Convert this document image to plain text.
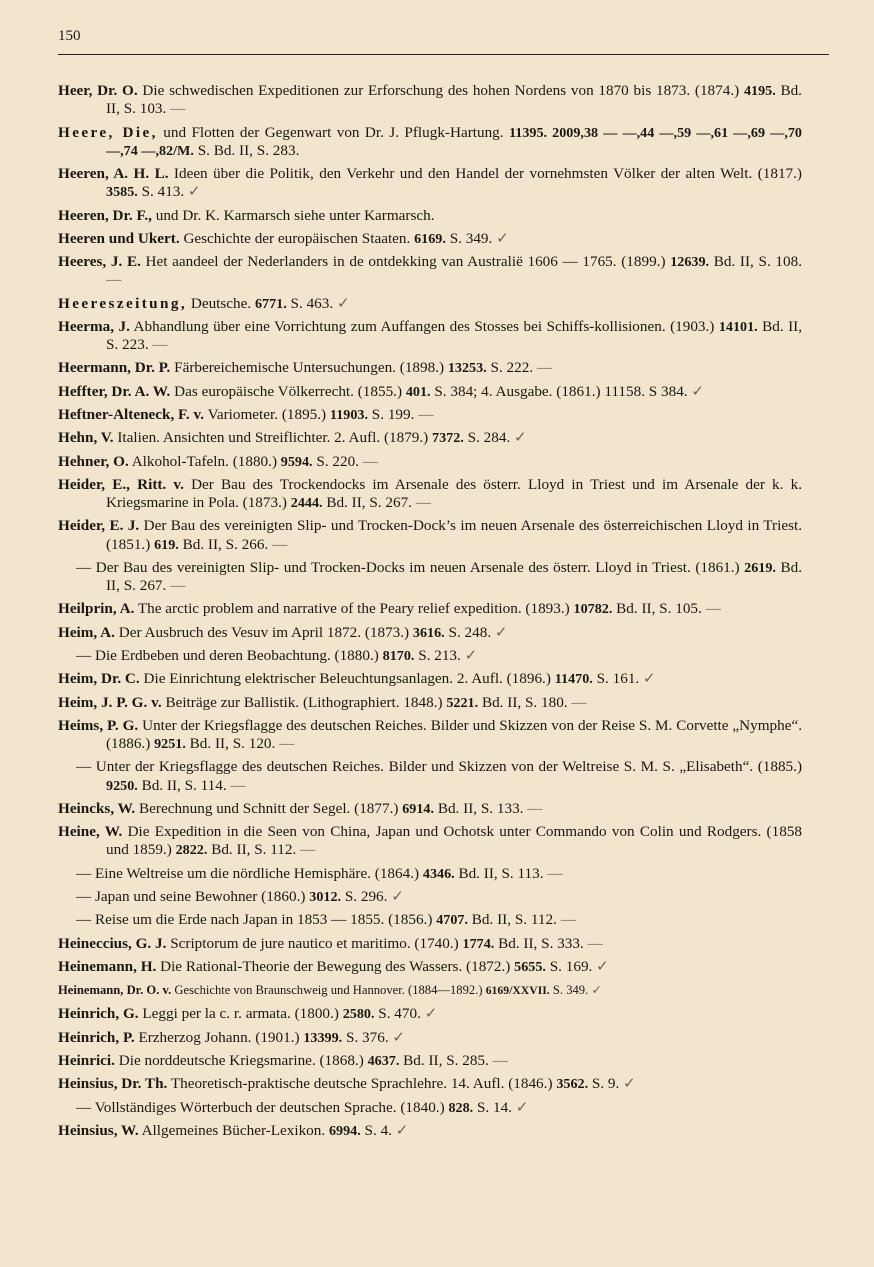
150
Heer, Dr. O. Die schwedischen Expeditionen zur Erforschung des hohen Nordens von 1870 bis 1873. (1874.) 4195. Bd. II, S. 103. —
Heere, Die, und Flotten der Gegenwart von Dr. J. Pflugk-Hartung. 11395. 2009,38 — —,44 —,59 —,61 —,69 —,70 —,74 —,82/M. S. Bd. II, S. 283.
Heeren, A. H. L. Ideen über die Politik, den Verkehr und den Handel der vornehmsten Völker der alten Welt. (1817.) 3585. S. 413. ✓
Heeren, Dr. F., und Dr. K. Karmarsch siehe unter Karmarsch.
Heeren und Ukert. Geschichte der europäischen Staaten. 6169. S. 349. ✓
Heeres, J. E. Het aandeel der Nederlanders in de ontdekking van Australië 1606 — 1765. (1899.) 12639. Bd. II, S. 108. —
Heereszeitung, Deutsche. 6771. S. 463. ✓
Heerma, J. Abhandlung über eine Vorrichtung zum Auffangen des Stosses bei Schiffs-kollisionen. (1903.) 14101. Bd. II, S. 223. —
Heermann, Dr. P. Färbereichemische Untersuchungen. (1898.) 13253. S. 222. —
Heffter, Dr. A. W. Das europäische Völkerrecht. (1855.) 401. S. 384; 4. Ausgabe. (1861.) 11158. S 384. ✓
Heftner-Alteneck, F. v. Variometer. (1895.) 11903. S. 199. —
Hehn, V. Italien. Ansichten und Streiflichter. 2. Aufl. (1879.) 7372. S. 284. ✓
Hehner, O. Alkohol-Tafeln. (1880.) 9594. S. 220. —
Heider, E., Ritt. v. Der Bau des Trockendocks im Arsenale des österr. Lloyd in Triest und im Arsenale der k. k. Kriegsmarine in Pola. (1873.) 2444. Bd. II, S. 267. —
Heider, E. J. Der Bau des vereinigten Slip- und Trocken-Dock’s im neuen Arsenale des österreichischen Lloyd in Triest. (1851.) 619. Bd. II, S. 266. —
— Der Bau des vereinigten Slip- und Trocken-Docks im neuen Arsenale des österr. Lloyd in Triest. (1861.) 2619. Bd. II, S. 267. —
Heilprin, A. The arctic problem and narrative of the Peary relief expedition. (1893.) 10782. Bd. II, S. 105. —
Heim, A. Der Ausbruch des Vesuv im April 1872. (1873.) 3616. S. 248. ✓
— Die Erdbeben und deren Beobachtung. (1880.) 8170. S. 213. ✓
Heim, Dr. C. Die Einrichtung elektrischer Beleuchtungsanlagen. 2. Aufl. (1896.) 11470. S. 161. ✓
Heim, J. P. G. v. Beiträge zur Ballistik. (Lithographiert. 1848.) 5221. Bd. II, S. 180. —
Heims, P. G. Unter der Kriegsflagge des deutschen Reiches. Bilder und Skizzen von der Reise S. M. Corvette „Nymphe“. (1886.) 9251. Bd. II, S. 120. —
— Unter der Kriegsflagge des deutschen Reiches. Bilder und Skizzen von der Weltreise S. M. S. „Elisabeth“. (1885.) 9250. Bd. II, S. 114. —
Heincks, W. Berechnung und Schnitt der Segel. (1877.) 6914. Bd. II, S. 133. —
Heine, W. Die Expedition in die Seen von China, Japan und Ochotsk unter Commando von Colin und Rodgers. (1858 und 1859.) 2822. Bd. II, S. 112. —
— Eine Weltreise um die nördliche Hemisphäre. (1864.) 4346. Bd. II, S. 113. —
— Japan und seine Bewohner (1860.) 3012. S. 296. ✓
— Reise um die Erde nach Japan in 1853 — 1855. (1856.) 4707. Bd. II, S. 112. —
Heineccius, G. J. Scriptorum de jure nautico et maritimo. (1740.) 1774. Bd. II, S. 333. —
Heinemann, H. Die Rational-Theorie der Bewegung des Wassers. (1872.) 5655. S. 169. ✓
Heinemann, Dr. O. v. Geschichte von Braunschweig und Hannover. (1884—1892.) 6169/XXVII. S. 349. ✓
Heinrich, G. Leggi per la c. r. armata. (1800.) 2580. S. 470. ✓
Heinrich, P. Erzherzog Johann. (1901.) 13399. S. 376. ✓
Heinrici. Die norddeutsche Kriegsmarine. (1868.) 4637. Bd. II, S. 285. —
Heinsius, Dr. Th. Theoretisch-praktische deutsche Sprachlehre. 14. Aufl. (1846.) 3562. S. 9. ✓
— Vollständiges Wörterbuch der deutschen Sprache. (1840.) 828. S. 14. ✓
Heinsius, W. Allgemeines Bücher-Lexikon. 6994. S. 4. ✓
